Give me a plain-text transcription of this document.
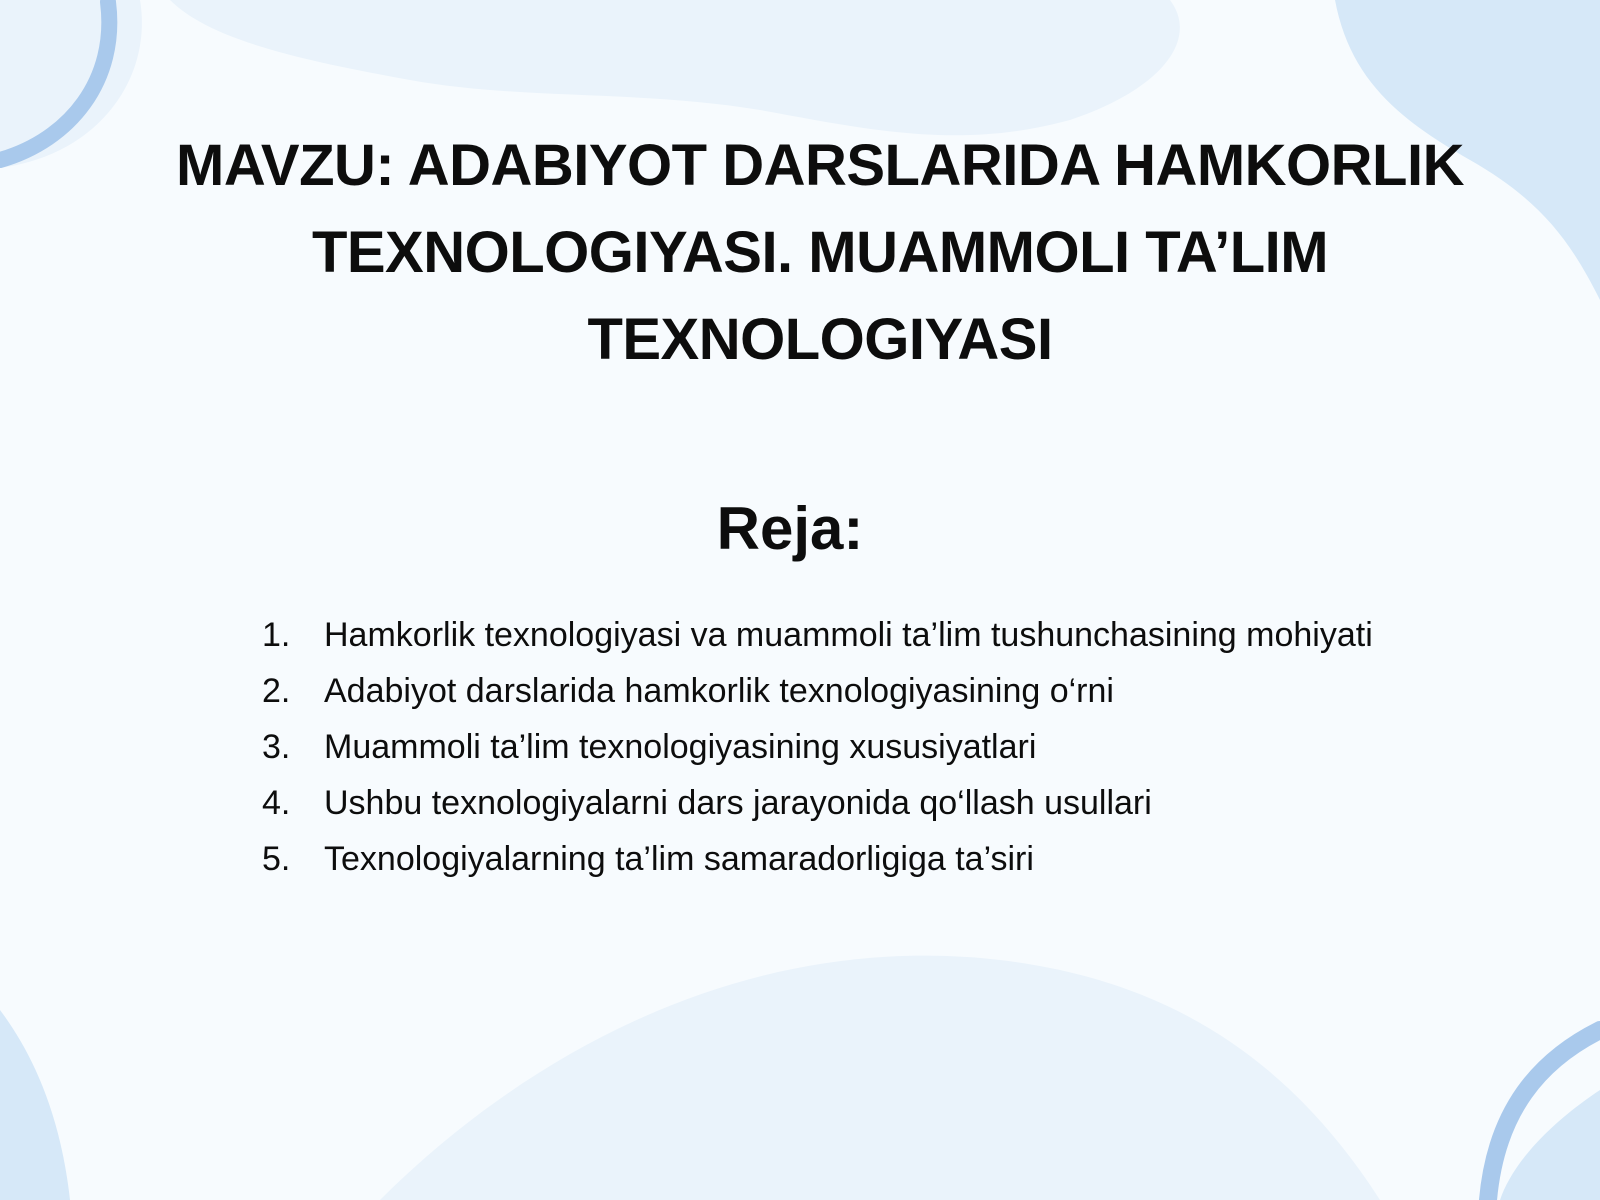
MAVZU: ADABIYOT DARSLARIDA HAMKORLIK TEXNOLOGIYASI. MUAMMOLI TA’LIM TEXNOLOGIYASI
Reja:
1. Hamkorlik texnologiyasi va muammoli ta’lim tushunchasining mohiyati
2. Adabiyot darslarida hamkorlik texnologiyasining o‘rni
3. Muammoli ta’lim texnologiyasining xususiyatlari
4. Ushbu texnologiyalarni dars jarayonida qo‘llash usullari
5. Texnologiyalarning ta’lim samaradorligiga ta’siri
